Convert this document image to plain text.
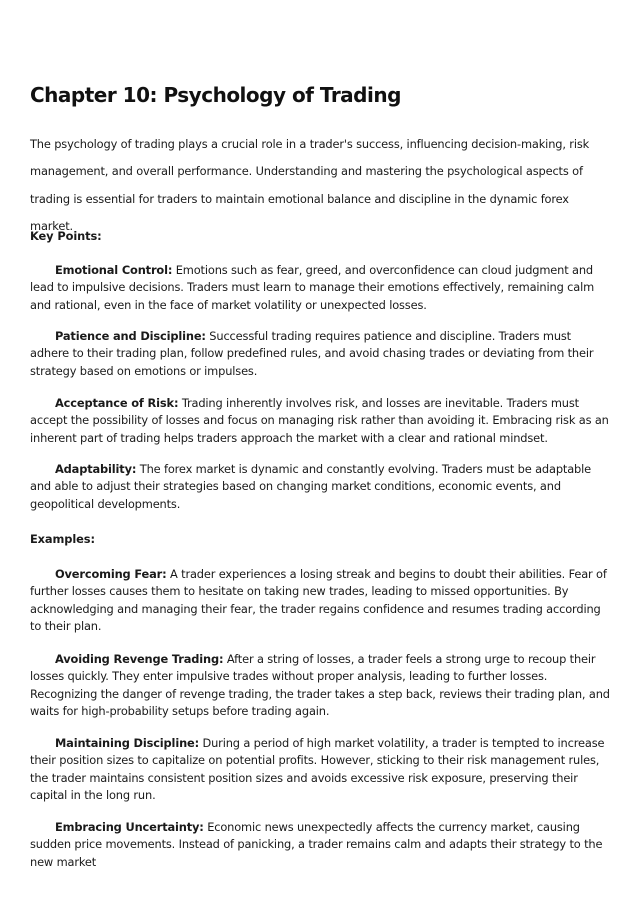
Chapter 10: Psychology of Trading

The psychology of trading plays a crucial role in a trader's success, influencing decision-making, risk management, and overall performance. Understanding and mastering the psychological aspects of trading is essential for traders to maintain emotional balance and discipline in the dynamic forex market.

Key Points:

Emotional Control: Emotions such as fear, greed, and overconfidence can cloud judgment and lead to impulsive decisions. Traders must learn to manage their emotions effectively, remaining calm and rational, even in the face of market volatility or unexpected losses.

Patience and Discipline: Successful trading requires patience and discipline. Traders must adhere to their trading plan, follow predefined rules, and avoid chasing trades or deviating from their strategy based on emotions or impulses.

Acceptance of Risk: Trading inherently involves risk, and losses are inevitable. Traders must accept the possibility of losses and focus on managing risk rather than avoiding it. Embracing risk as an inherent part of trading helps traders approach the market with a clear and rational mindset.

Adaptability: The forex market is dynamic and constantly evolving. Traders must be adaptable and able to adjust their strategies based on changing market conditions, economic events, and geopolitical developments.

Examples:

Overcoming Fear: A trader experiences a losing streak and begins to doubt their abilities. Fear of further losses causes them to hesitate on taking new trades, leading to missed opportunities. By acknowledging and managing their fear, the trader regains confidence and resumes trading according to their plan.

Avoiding Revenge Trading: After a string of losses, a trader feels a strong urge to recoup their losses quickly. They enter impulsive trades without proper analysis, leading to further losses. Recognizing the danger of revenge trading, the trader takes a step back, reviews their trading plan, and waits for high-probability setups before trading again.

Maintaining Discipline: During a period of high market volatility, a trader is tempted to increase their position sizes to capitalize on potential profits. However, sticking to their risk management rules, the trader maintains consistent position sizes and avoids excessive risk exposure, preserving their capital in the long run.

Embracing Uncertainty: Economic news unexpectedly affects the currency market, causing sudden price movements. Instead of panicking, a trader remains calm and adapts their strategy to the new market
